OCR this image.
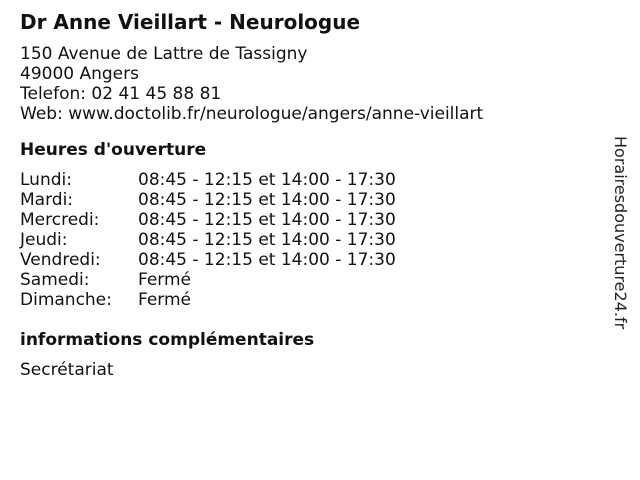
Dr Anne Vieillart - Neurologue
150 Avenue de Lattre de Tassigny
49000 Angers
Telefon: 02 41 45 88 81
Web: www.doctolib.fr/neurologue/angers/anne-vieillart
Heures d'ouverture
Lundi:	08:45 - 12:15 et 14:00 - 17:30
Mardi:	08:45 - 12:15 et 14:00 - 17:30
Mercredi:	08:45 - 12:15 et 14:00 - 17:30
Jeudi:	08:45 - 12:15 et 14:00 - 17:30
Vendredi:	08:45 - 12:15 et 14:00 - 17:30
Samedi:	Fermé
Dimanche:	Fermé
informations complémentaires
Secrétariat
Horairesdouverture24.fr
